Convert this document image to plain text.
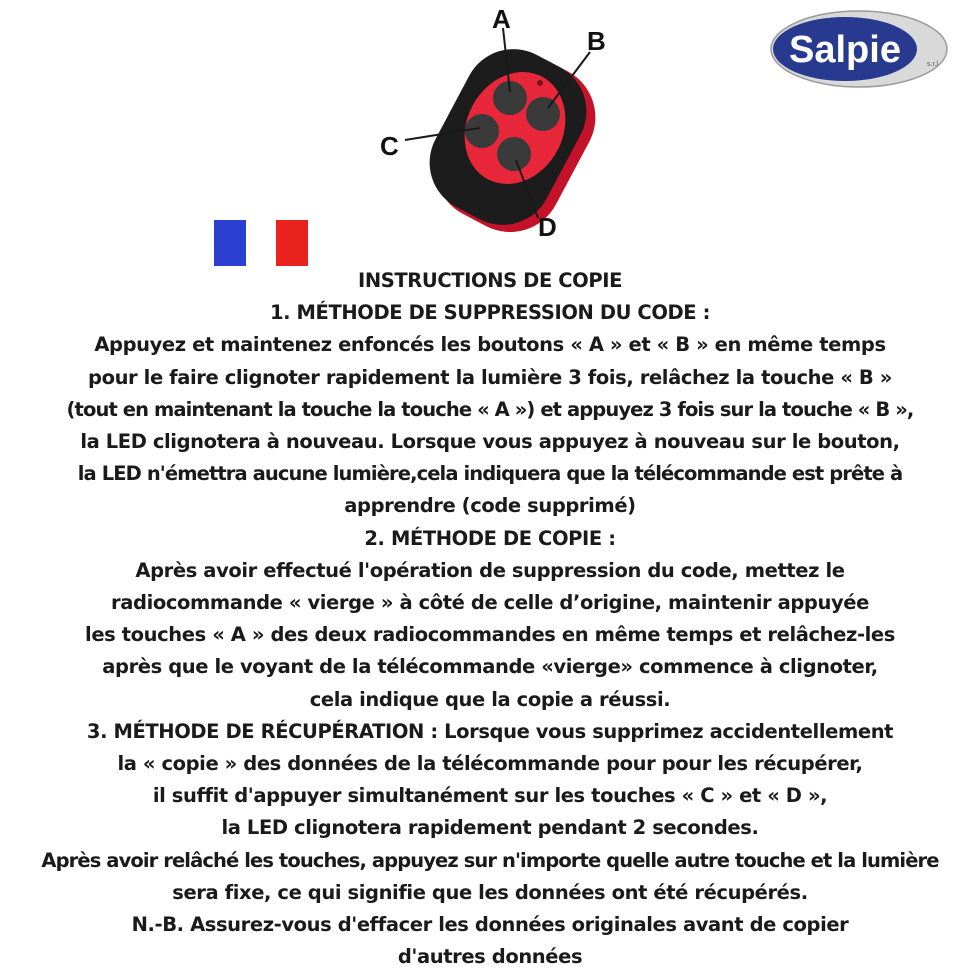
A
B
C
D
Salpie	s.r.l
INSTRUCTIONS DE COPIE
1. MÉTHODE DE SUPPRESSION DU CODE :
Appuyez et maintenez enfoncés les boutons « A » et « B » en même temps
pour le faire clignoter rapidement la lumière 3 fois, relâchez la touche « B »
(tout en maintenant la touche la touche « A ») et appuyez 3 fois sur la touche « B »,
la LED clignotera à nouveau. Lorsque vous appuyez à nouveau sur le bouton,
la LED n'émettra aucune lumière,cela indiquera que la télécommande est prête à
apprendre (code supprimé)
2. MÉTHODE DE COPIE :
Après avoir effectué l'opération de suppression du code, mettez le
radiocommande « vierge » à côté de celle d’origine, maintenir appuyée
les touches « A » des deux radiocommandes en même temps et relâchez-les
après que le voyant de la télécommande «vierge» commence à clignoter,
cela indique que la copie a réussi.
3. MÉTHODE DE RÉCUPÉRATION : Lorsque vous supprimez accidentellement
la « copie » des données de la télécommande pour pour les récupérer,
il suffit d'appuyer simultanément sur les touches « C » et « D »,
la LED clignotera rapidement pendant 2 secondes.
Après avoir relâché les touches, appuyez sur n'importe quelle autre touche et la lumière
sera fixe, ce qui signifie que les données ont été récupérés.
N.-B. Assurez-vous d'effacer les données originales avant de copier
d'autres données
